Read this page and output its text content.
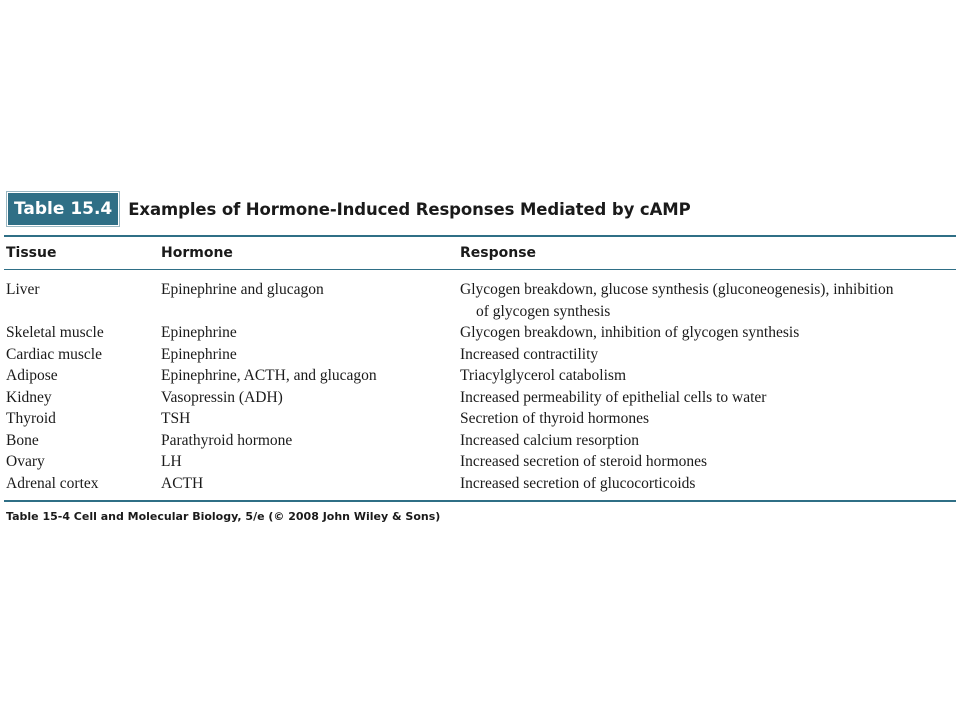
Table 15.4 Examples of Hormone-Induced Responses Mediated by cAMP
Tissue	Hormone	Response
Liver	Epinephrine and glucagon	Glycogen breakdown, glucose synthesis (gluconeogenesis), inhibition
of glycogen synthesis
Skeletal muscle	Epinephrine	Glycogen breakdown, inhibition of glycogen synthesis
Cardiac muscle	Epinephrine	Increased contractility
Adipose	Epinephrine, ACTH, and glucagon	Triacylglycerol catabolism
Kidney	Vasopressin (ADH)	Increased permeability of epithelial cells to water
Thyroid	TSH	Secretion of thyroid hormones
Bone	Parathyroid hormone	Increased calcium resorption
Ovary	LH	Increased secretion of steroid hormones
Adrenal cortex	ACTH	Increased secretion of glucocorticoids
Table 15-4 Cell and Molecular Biology, 5/e (© 2008 John Wiley & Sons)
